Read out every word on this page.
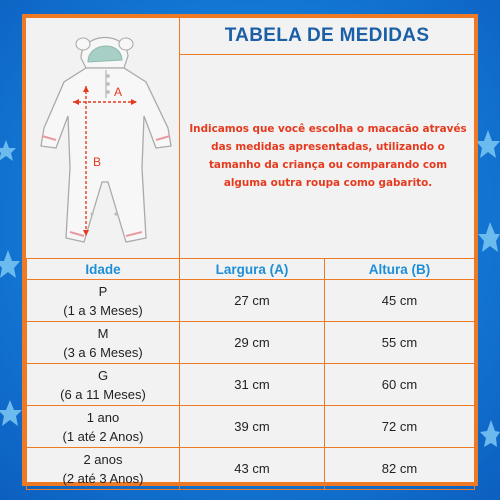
A
B
TABELA DE MEDIDAS
Indicamos que você escolha o macacão através das medidas apresentadas, utilizando o tamanho da criança ou comparando com alguma outra roupa como gabarito.
Idade	Largura (A)	Altura (B)

P
(1 a 3 Meses)	27 cm	45 cm

M
(3 a 6 Meses)	29 cm	55 cm

G
(6 a 11 Meses)	31 cm	60 cm

1 ano
(1 até 2 Anos)	39 cm	72 cm

2 anos
(2 até 3 Anos)	43 cm	82 cm
